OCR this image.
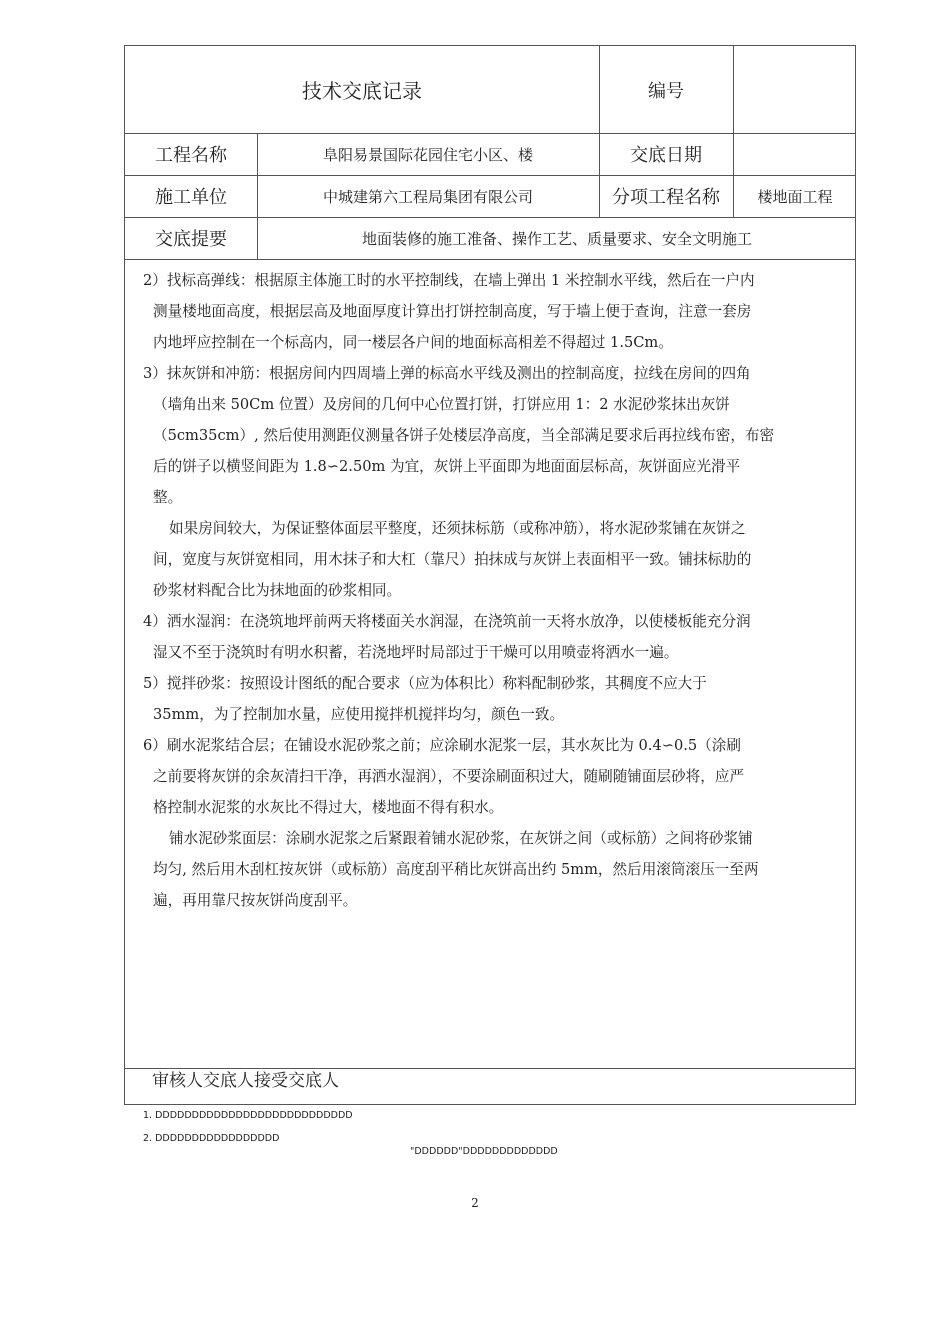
技术交底记录	编号
工程名称	阜阳易景国际花园住宅小区、楼	交底日期
施工单位	中城建第六工程局集团有限公司	分项工程名称	楼地面工程
交底提要	地面装修的施工准备、操作工艺、质量要求、安全文明施工

2）找标高弹线：根据原主体施工时的水平控制线，在墙上弹出 1 米控制水平线，然后在一户内

测量楼地面高度，根据层高及地面厚度计算出打饼控制高度，写于墙上便于查询，注意一套房

内地坪应控制在一个标高内，同一楼层各户间的地面标高相差不得超过 1.5Cm。

3）抹灰饼和冲筋：根据房间内四周墙上弹的标高水平线及测出的控制高度，拉线在房间的四角

（墙角出来 50Cm 位置）及房间的几何中心位置打饼，打饼应用 1：2 水泥砂浆抹出灰饼

（5cm35cm）, 然后使用测距仪测量各饼子处楼层净高度，当全部满足要求后再拉线布密，布密

后的饼子以横竖间距为 1.8∽2.50m 为宜，灰饼上平面即为地面面层标高，灰饼面应光滑平

整。

如果房间较大，为保证整体面层平整度，还须抹标筋（或称冲筋），将水泥砂浆铺在灰饼之

间，宽度与灰饼宽相同，用木抹子和大杠（靠尺）拍抹成与灰饼上表面相平一致。铺抹标肋的

砂浆材料配合比为抹地面的砂浆相同。

4）洒水湿润：在浇筑地坪前两天将楼面关水润湿，在浇筑前一天将水放净，以使楼板能充分润

湿又不至于浇筑时有明水积蓄，若浇地坪时局部过于干燥可以用喷壶将洒水一遍。

5）搅拌砂浆：按照设计图纸的配合要求（应为体积比）称料配制砂浆，其稠度不应大于

35mm，为了控制加水量，应使用搅拌机搅拌均匀，颜色一致。

6）刷水泥浆结合层；在铺设水泥砂浆之前；应涂刷水泥浆一层，其水灰比为 0.4∽0.5（涂刷

之前要将灰饼的余灰清扫干净，再洒水湿润），不要涂刷面积过大，随刷随铺面层砂将，应严

格控制水泥浆的水灰比不得过大，楼地面不得有积水。

铺水泥砂浆面层：涂刷水泥浆之后紧跟着铺水泥砂浆，在灰饼之间（或标筋）之间将砂浆铺

均匀, 然后用木刮杠按灰饼（或标筋）高度刮平稍比灰饼高出约 5mm，然后用滚筒滚压一至两

遍，再用靠尺按灰饼尚度刮平。

审核人交底人接受交底人
1. DDDDDDDDDDDDDDDDDDDDDDDDDDD
2. DDDDDDDDDDDDDDDDD
"DDDDDD"DDDDDDDDDDDDD
2
